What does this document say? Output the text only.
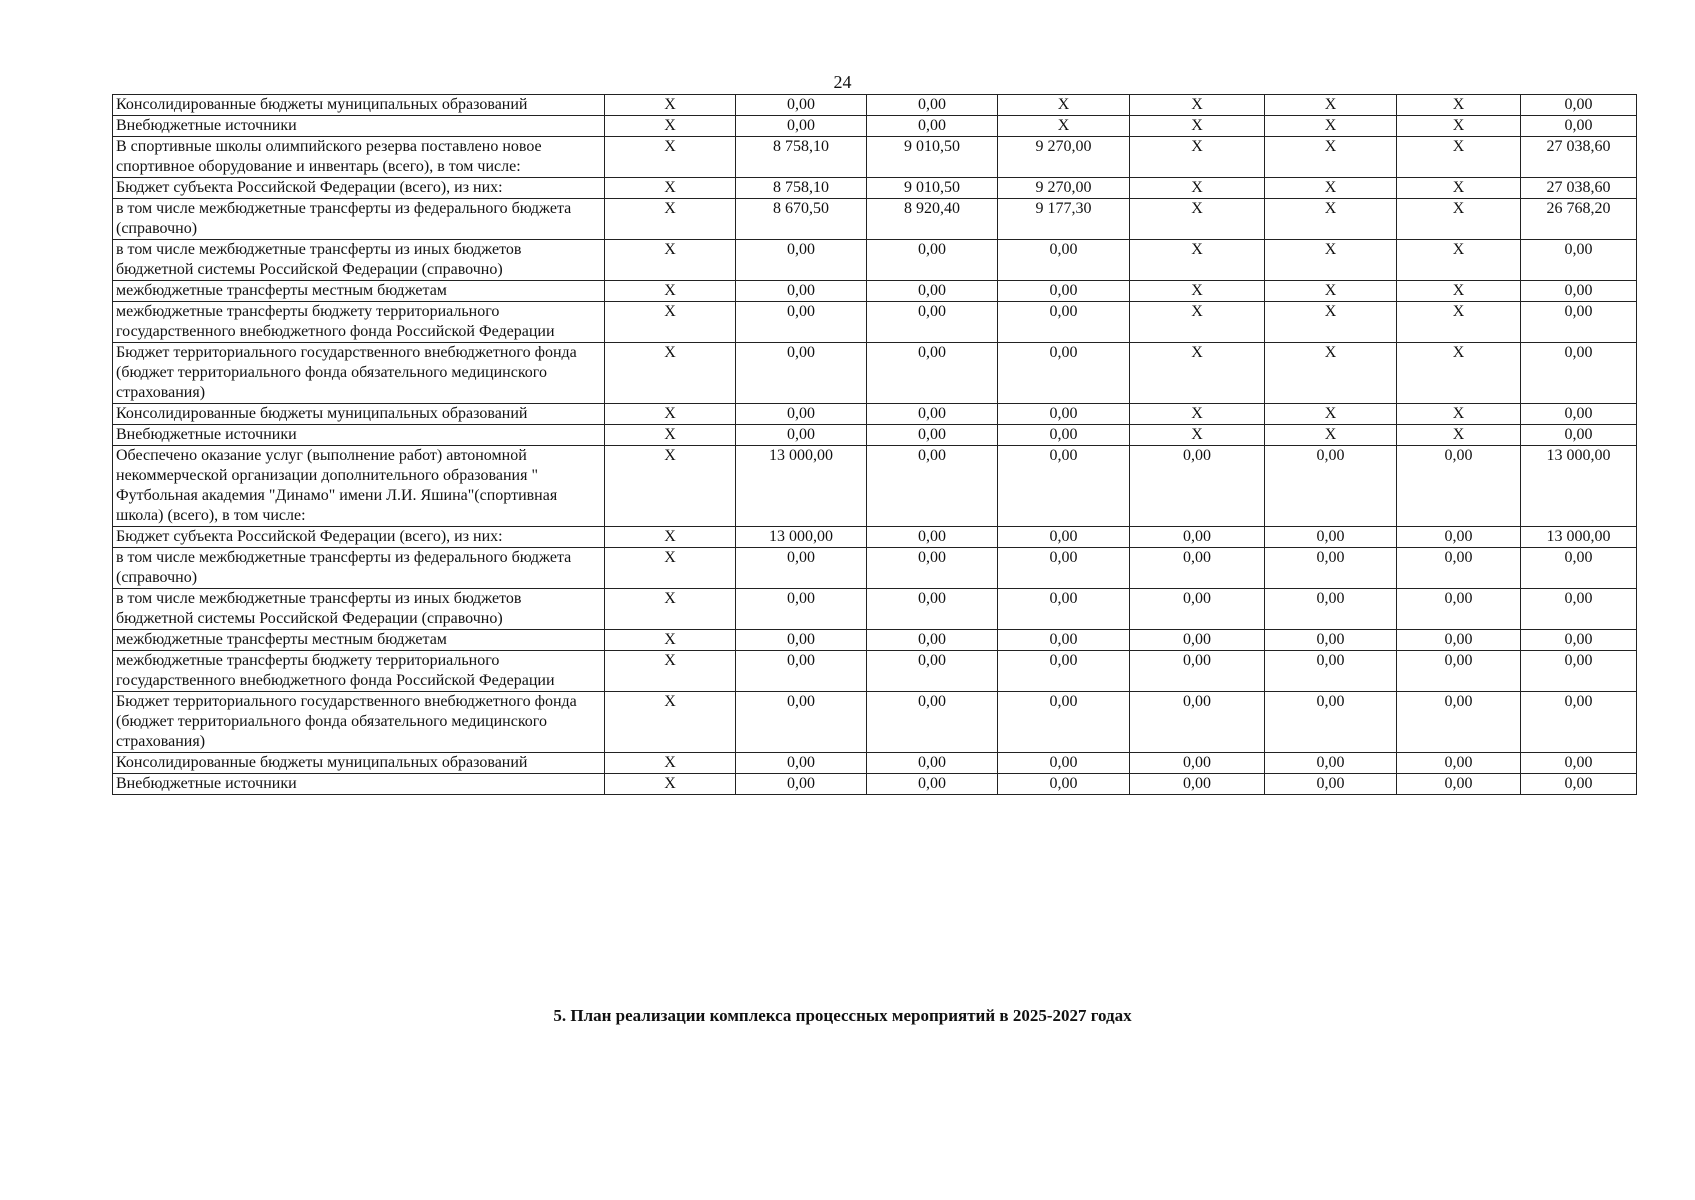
24
Консолидированные бюджеты муниципальных образований	X	0,00	0,00	X	X	X	X	0,00
Внебюджетные источники	X	0,00	0,00	X	X	X	X	0,00
В спортивные школы олимпийского резерва поставлено новое спортивное оборудование и инвентарь (всего), в том числе:	X	8 758,10	9 010,50	9 270,00	X	X	X	27 038,60
Бюджет субъекта Российской Федерации (всего), из них:	X	8 758,10	9 010,50	9 270,00	X	X	X	27 038,60
в том числе межбюджетные трансферты из федерального бюджета (справочно)	X	8 670,50	8 920,40	9 177,30	X	X	X	26 768,20
в том числе межбюджетные трансферты из иных бюджетов бюджетной системы Российской Федерации (справочно)	X	0,00	0,00	0,00	X	X	X	0,00
межбюджетные трансферты местным бюджетам	X	0,00	0,00	0,00	X	X	X	0,00
межбюджетные трансферты бюджету территориального государственного внебюджетного фонда Российской Федерации	X	0,00	0,00	0,00	X	X	X	0,00
Бюджет территориального государственного внебюджетного фонда (бюджет территориального фонда обязательного медицинского страхования)	X	0,00	0,00	0,00	X	X	X	0,00
Консолидированные бюджеты муниципальных образований	X	0,00	0,00	0,00	X	X	X	0,00
Внебюджетные источники	X	0,00	0,00	0,00	X	X	X	0,00
Обеспечено оказание услуг (выполнение работ) автономной некоммерческой организации дополнительного образования " Футбольная академия "Динамо" имени Л.И. Яшина"(спортивная школа) (всего), в том числе:	X	13 000,00	0,00	0,00	0,00	0,00	0,00	13 000,00
Бюджет субъекта Российской Федерации (всего), из них:	X	13 000,00	0,00	0,00	0,00	0,00	0,00	13 000,00
в том числе межбюджетные трансферты из федерального бюджета (справочно)	X	0,00	0,00	0,00	0,00	0,00	0,00	0,00
в том числе межбюджетные трансферты из иных бюджетов бюджетной системы Российской Федерации (справочно)	X	0,00	0,00	0,00	0,00	0,00	0,00	0,00
межбюджетные трансферты местным бюджетам	X	0,00	0,00	0,00	0,00	0,00	0,00	0,00
межбюджетные трансферты бюджету территориального государственного внебюджетного фонда Российской Федерации	X	0,00	0,00	0,00	0,00	0,00	0,00	0,00
Бюджет территориального государственного внебюджетного фонда (бюджет территориального фонда обязательного медицинского страхования)	X	0,00	0,00	0,00	0,00	0,00	0,00	0,00
Консолидированные бюджеты муниципальных образований	X	0,00	0,00	0,00	0,00	0,00	0,00	0,00
Внебюджетные источники	X	0,00	0,00	0,00	0,00	0,00	0,00	0,00
5. План реализации комплекса процессных мероприятий в 2025-2027 годах
